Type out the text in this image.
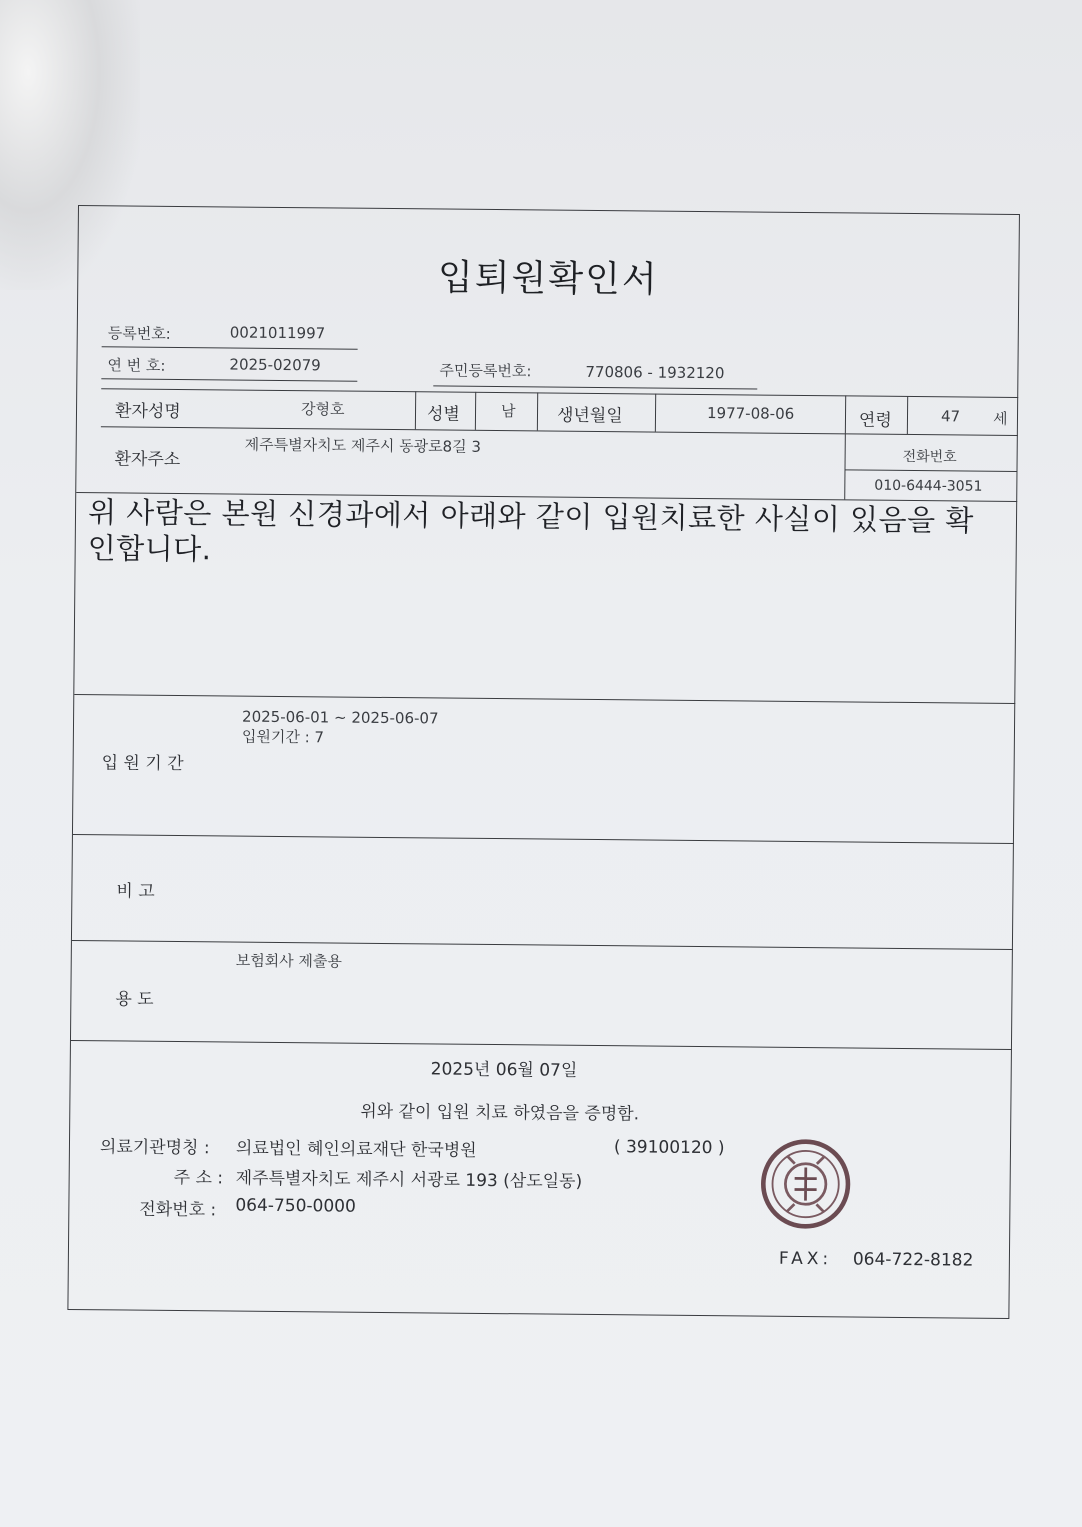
입퇴원확인서
등록번호:	0021011997
연 번 호:	2025-02079	주민등록번호:	770806 - 1932120
환자성명	강형호	성별	남 생년월일	1977-08-06	연령	47 세
환자주소
제주특별자치도 제주시 동광로8길 3
전화번호
010-6444-3051
위 사람은 본원 신경과에서 아래와 같이 입원치료한 사실이 있음을 확인합니다.
2025-06-01 ~ 2025-06-07
입원기간 : 7
입 원 기 간
비 고
보험회사 제출용
용 도
2025년 06월 07일
위와 같이 입원 치료 하였음을 증명함.
의료기관명칭 : 의료법인 혜인의료재단 한국병원	( 39100120 )
주 소 : 제주특별자치도 제주시 서광로 193 (삼도일동)
전화번호 : 064-750-0000
FAX: 064-722-8182
